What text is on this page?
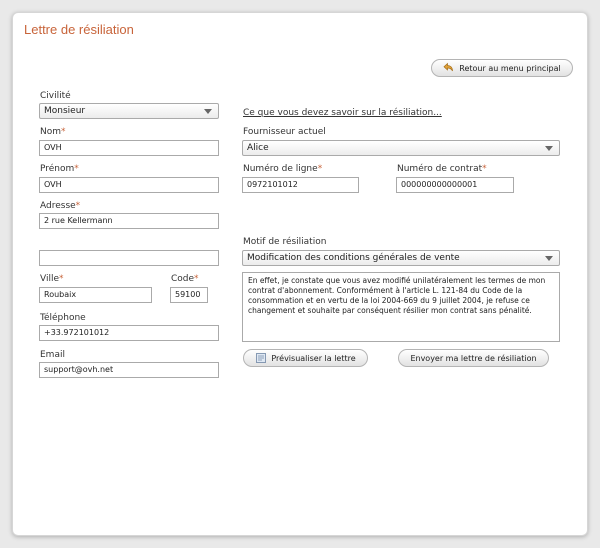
Lettre de résiliation
Retour au menu principal
Civilité
Monsieur
Nom*
OVH
Prénom*
OVH
Adresse*
2 rue Kellermann
Ville*
Roubaix
Code*
59100
Téléphone
+33.972101012
Email
support@ovh.net
Ce que vous devez savoir sur la résiliation...
Fournisseur actuel
Alice
Numéro de ligne*
0972101012
Numéro de contrat*
000000000000001
Motif de résiliation
Modification des conditions générales de vente
En effet, je constate que vous avez modifié unilatéralement les termes de mon contrat d'abonnement. Conformément à l'article L. 121-84 du Code de la consommation et en vertu de la loi 2004-669 du 9 juillet 2004, je refuse ce changement et souhaite par conséquent résilier mon contrat sans pénalité.
Prévisualiser la lettre	Envoyer ma lettre de résiliation
